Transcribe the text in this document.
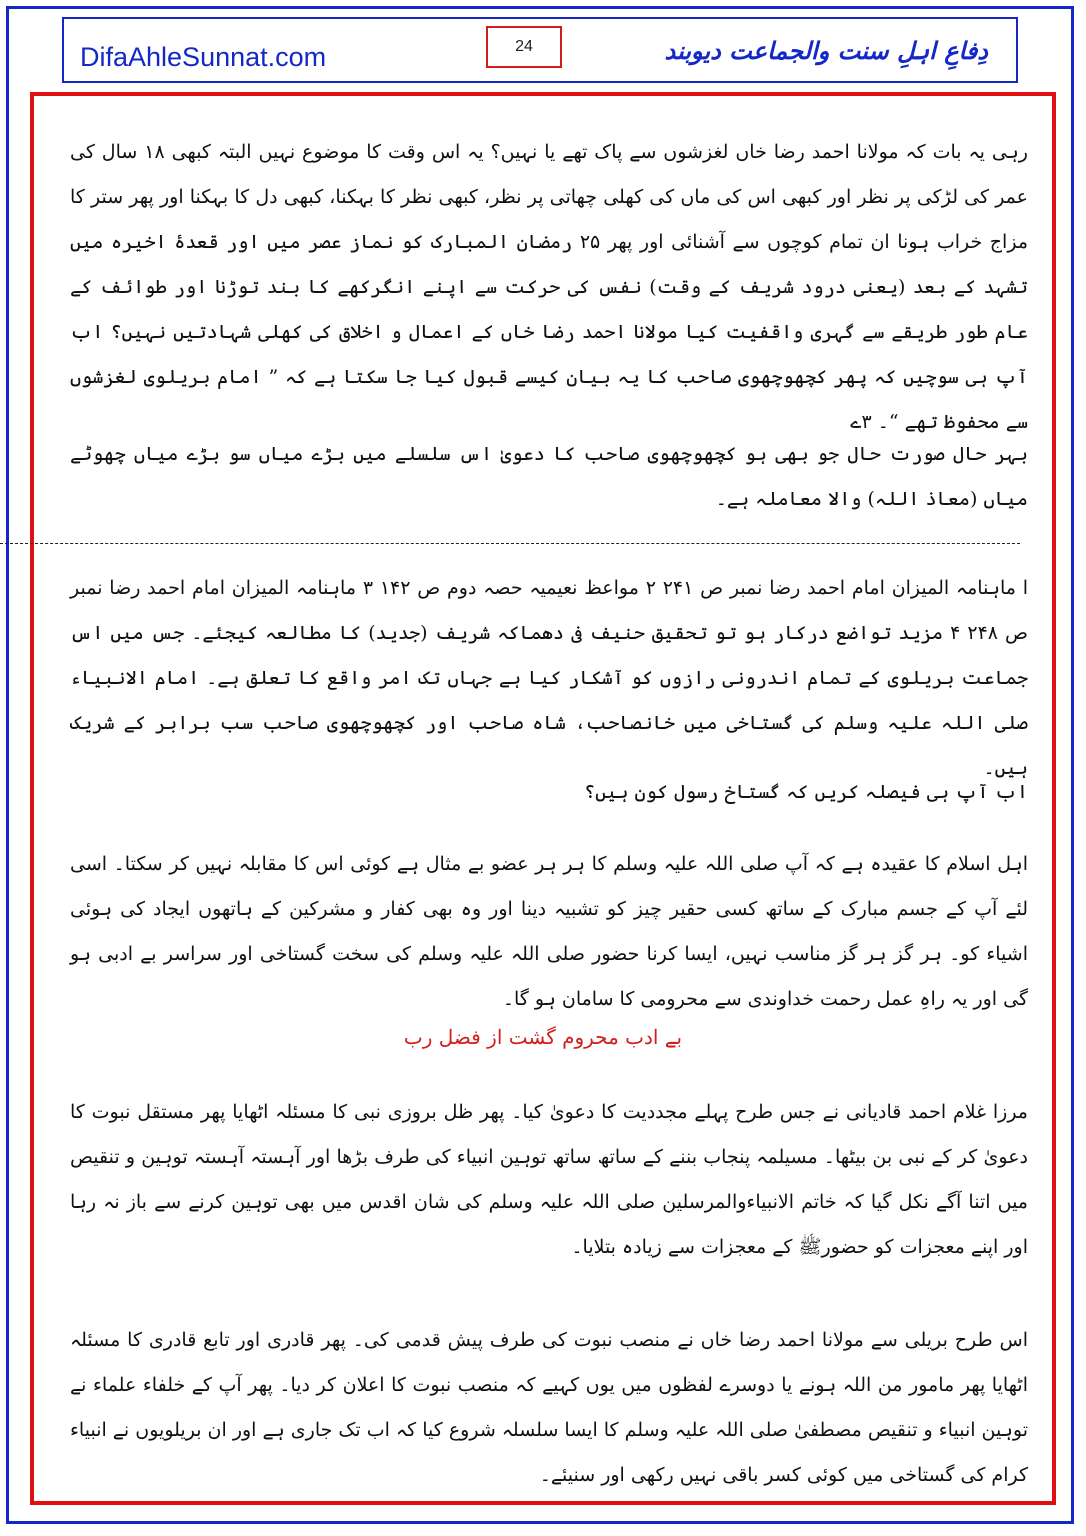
DifaAhleSunnat.com	24	دِفاعِ اہلِ سنت والجماعت دیوبند

رہی یہ بات کہ مولانا احمد رضا خاں لغزشوں سے پاک تھے یا نہیں؟ یہ اس وقت کا موضوع نہیں البتہ کبھی ۱۸ سال کی عمر کی لڑکی پر نظر اور کبھی اس کی ماں کی کھلی چھاتی پر نظر، کبھی نظر کا بہکنا، کبھی دل کا بہکنا اور پھر ستر کا مزاج خراب ہونا ان تمام کوچوں سے آشنائی اور پھر ۲۵ رمضان المبارک کو نماز عصر میں اور قعدۂ اخیرہ میں تشہد کے بعد (یعنی درود شریف کے وقت) نفس کی حرکت سے اپنے انگرکھے کا بند توڑنا اور طوائف کے عام طور طریقے سے گہری واقفیت کیا مولانا احمد رضا خاں کے اعمال و اخلاق کی کھلی شہادتیں نہیں؟ اب آپ ہی سوچیں کہ پھر کچھوچھوی صاحب کا یہ بیان کیسے قبول کیا جا سکتا ہے کہ ” امام بریلوی لغزشوں سے محفوظ تھے “۔ ۳ے

بہر حال صورت حال جو بھی ہو کچھوچھوی صاحب کا دعویٰ اس سلسلے میں بڑے میاں سو بڑے میاں چھوٹے میاں (معاذ اللہ) والا معاملہ ہے۔

ا ماہنامہ المیزان امام احمد رضا نمبر ص ۲۴۱ ۲ مواعظ نعیمیہ حصہ دوم ص ۱۴۲ ۳ ماہنامہ المیزان امام احمد رضا نمبر ص ۲۴۸ ۴ مزید تواضع درکار ہو تو تحقیق حنیف فی دھماکہ شریف (جدید) کا مطالعہ کیجئے۔ جس میں اس جماعت بریلوی کے تمام اندرونی رازوں کو آشکار کیا ہے جہاں تک امر واقع کا تعلق ہے۔ امام الانبیاء صلی اللہ علیہ وسلم کی گستاخی میں خانصاحب، شاہ صاحب اور کچھوچھوی صاحب سب برابر کے شریک ہیں۔

اب آپ ہی فیصلہ کریں کہ گستاخ رسول کون ہیں؟

اہل اسلام کا عقیدہ ہے کہ آپ صلی اللہ علیہ وسلم کا ہر ہر عضو بے مثال ہے کوئی اس کا مقابلہ نہیں کر سکتا۔ اسی لئے آپ کے جسم مبارک کے ساتھ کسی حقیر چیز کو تشبیہ دینا اور وہ بھی کفار و مشرکین کے ہاتھوں ایجاد کی ہوئی اشیاء کو۔ ہر گز ہر گز مناسب نہیں، ایسا کرنا حضور صلی اللہ علیہ وسلم کی سخت گستاخی اور سراسر بے ادبی ہو گی اور یہ راہِ عمل رحمت خداوندی سے محرومی کا سامان ہو گا۔

بے ادب محروم گشت از فضل رب

مرزا غلام احمد قادیانی نے جس طرح پہلے مجددیت کا دعویٰ کیا۔ پھر ظل بروزی نبی کا مسئلہ اٹھایا پھر مستقل نبوت کا دعویٰ کر کے نبی بن بیٹھا۔ مسیلمہ پنجاب بننے کے ساتھ ساتھ توہین انبیاء کی طرف بڑھا اور آہستہ آہستہ توہین و تنقیص میں اتنا آگے نکل گیا کہ خاتم الانبیاءوالمرسلین صلی اللہ علیہ وسلم کی شان اقدس میں بھی توہین کرنے سے باز نہ رہا اور اپنے معجزات کو حضورﷺ کے معجزات سے زیادہ بتلایا۔

اس طرح بریلی سے مولانا احمد رضا خاں نے منصب نبوت کی طرف پیش قدمی کی۔ پھر قادری اور تابع قادری کا مسئلہ اٹھایا پھر مامور من اللہ ہونے یا دوسرے لفظوں میں یوں کہیے کہ منصب نبوت کا اعلان کر دیا۔ پھر آپ کے خلفاء علماء نے توہین انبیاء و تنقیص مصطفیٰ صلی اللہ علیہ وسلم کا ایسا سلسلہ شروع کیا کہ اب تک جاری ہے اور ان بریلویوں نے انبیاء کرام کی گستاخی میں کوئی کسر باقی نہیں رکھی اور سنیئے۔
